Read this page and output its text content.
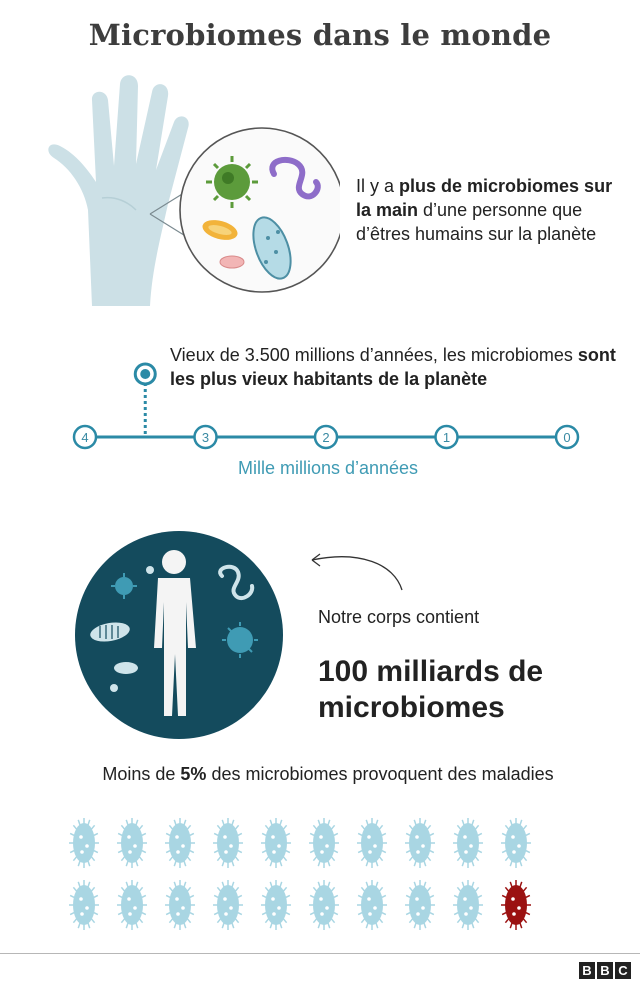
Microbiomes dans le monde
Il y a plus de microbiomes sur la main d’une personne que d’êtres humains sur la planète
Vieux de 3.500 millions d’années, les microbiomes sont les plus vieux habitants de la planète
4	3	2	1	0
Mille millions d’années
Notre corps contient
100 milliards de microbiomes
Moins de 5% des microbiomes provoquent des maladies
B B C
